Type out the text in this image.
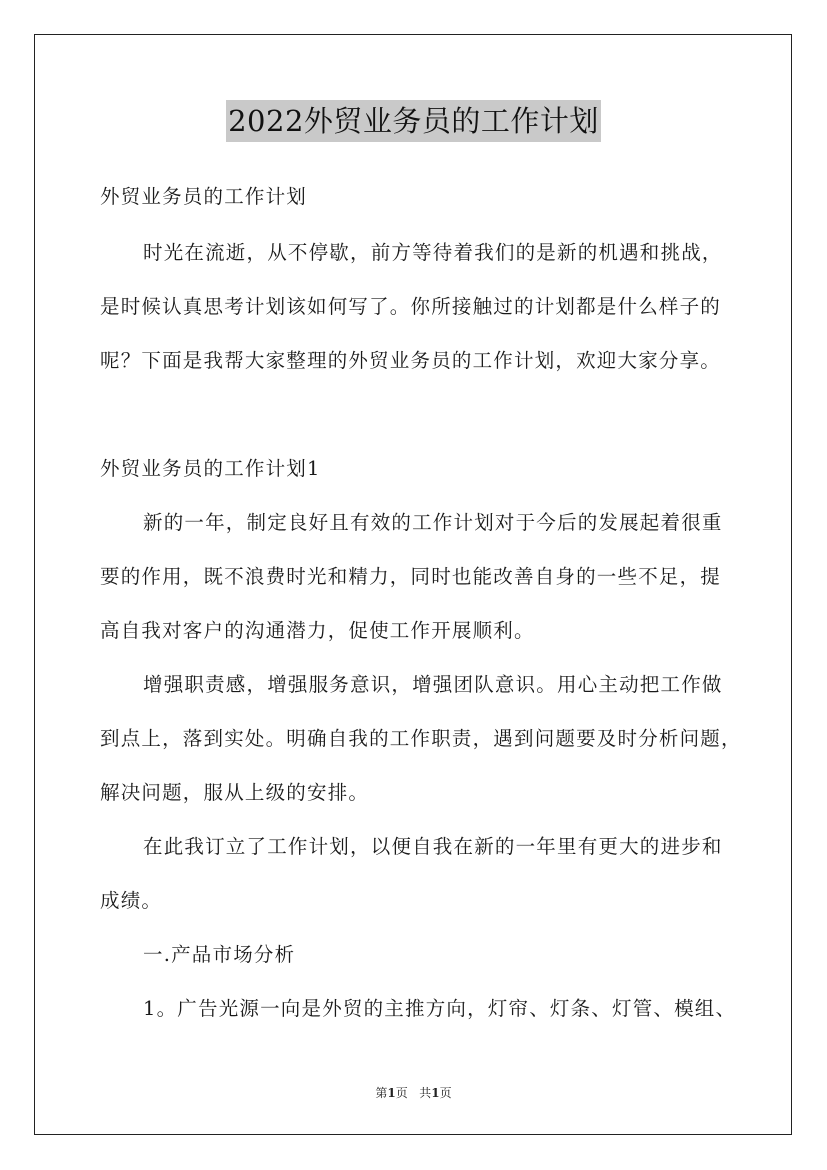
2022外贸业务员的工作计划
外贸业务员的工作计划
时光在流逝，从不停歇，前方等待着我们的是新的机遇和挑战，
是时候认真思考计划该如何写了。你所接触过的计划都是什么样子的
呢？下面是我帮大家整理的外贸业务员的工作计划，欢迎大家分享。
外贸业务员的工作计划1
新的一年，制定良好且有效的工作计划对于今后的发展起着很重
要的作用，既不浪费时光和精力，同时也能改善自身的一些不足，提
高自我对客户的沟通潜力，促使工作开展顺利。
增强职责感，增强服务意识，增强团队意识。用心主动把工作做
到点上，落到实处。明确自我的工作职责，遇到问题要及时分析问题，
解决问题，服从上级的安排。
在此我订立了工作计划，以便自我在新的一年里有更大的进步和
成绩。
一.产品市场分析
1。广告光源一向是外贸的主推方向，灯帘、灯条、灯管、模组、
第1页 共1页
